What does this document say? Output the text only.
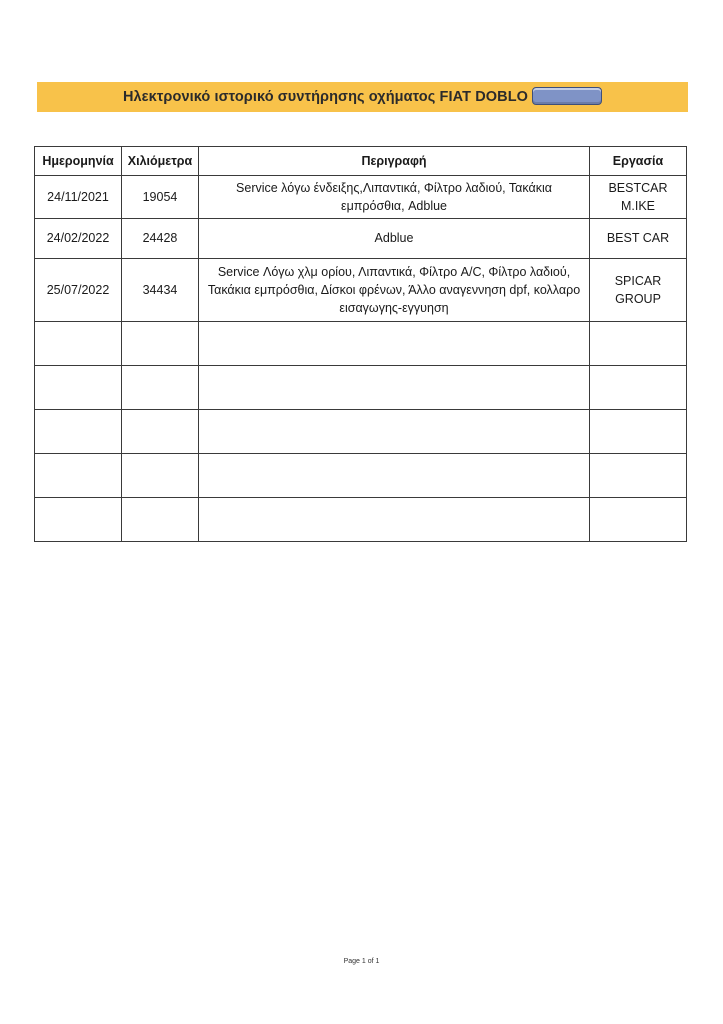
Ηλεκτρονικό ιστορικό συντήρησης οχήματος FIAT DOBLO
Ημερομηνία	Χιλιόμετρα	Περιγραφή	Εργασία
24/11/2021	19054	Service λόγω ένδειξης,Λιπαντικά, Φίλτρο λαδιού, Τακάκια εμπρόσθια, Adblue	BESTCAR M.IKE
24/02/2022	24428	Adblue	BEST CAR
25/07/2022	34434	Service Λόγω χλμ ορίου, Λιπαντικά, Φίλτρο A/C, Φίλτρο λαδιού, Τακάκια εμπρόσθια, Δίσκοι φρένων, Άλλο αναγεννηση dpf, κολλαρο εισαγωγης-εγγυηση	SPICAR GROUP

Page 1 of 1
